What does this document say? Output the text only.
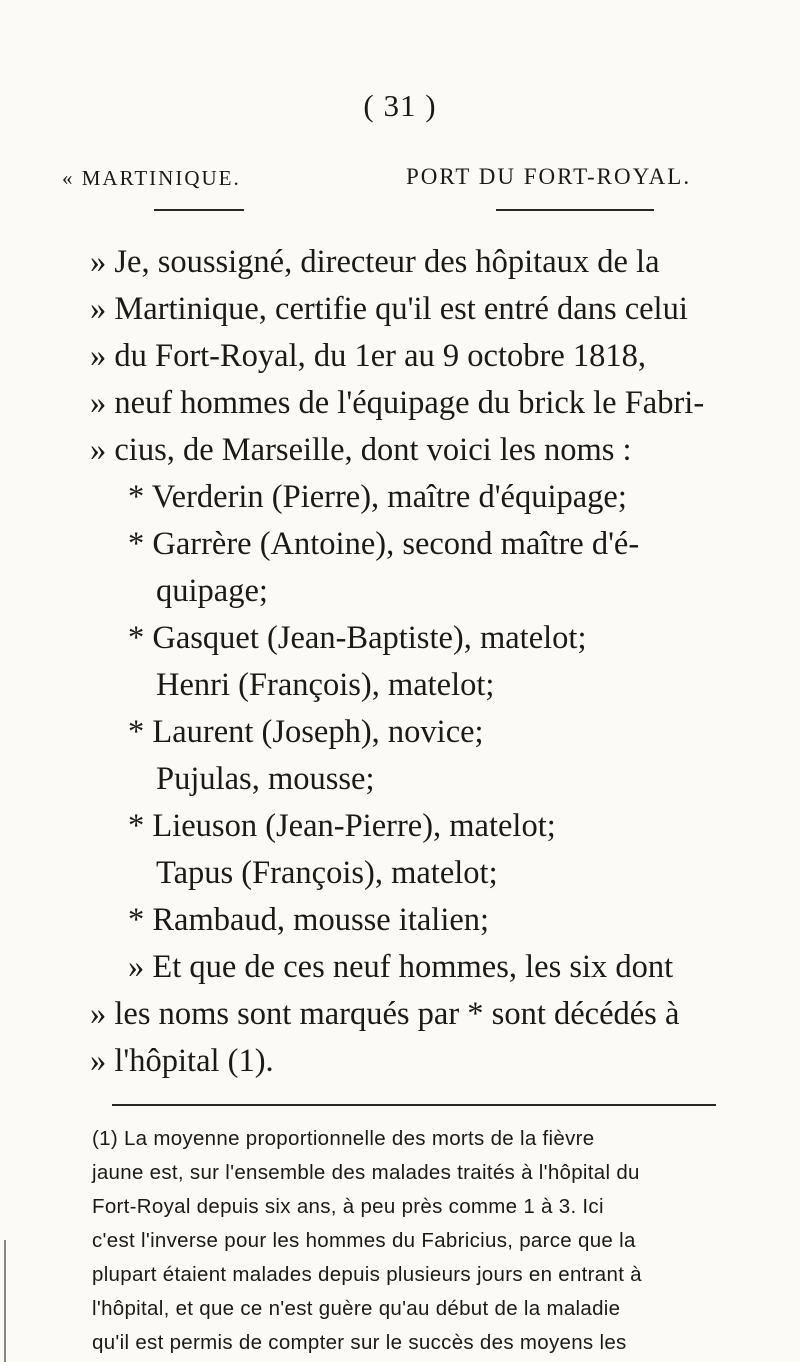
( 31 )
« MARTINIQUE.	PORT DU FORT-ROYAL.
» Je, soussigné, directeur des hôpitaux de la
» Martinique, certifie qu'il est entré dans celui
» du Fort-Royal, du 1er au 9 octobre 1818,
» neuf hommes de l'équipage du brick le Fabri-
» cius, de Marseille, dont voici les noms :
* Verderin (Pierre), maître d'équipage;
* Garrère (Antoine), second maître d'é-
quipage;
* Gasquet (Jean-Baptiste), matelot;
Henri (François), matelot;
* Laurent (Joseph), novice;
Pujulas, mousse;
* Lieuson (Jean-Pierre), matelot;
Tapus (François), matelot;
* Rambaud, mousse italien;
» Et que de ces neuf hommes, les six dont
» les noms sont marqués par * sont décédés à
» l'hôpital (1).
(1) La moyenne proportionnelle des morts de la fièvre
jaune est, sur l'ensemble des malades traités à l'hôpital du
Fort-Royal depuis six ans, à peu près comme 1 à 3. Ici
c'est l'inverse pour les hommes du Fabricius, parce que la
plupart étaient malades depuis plusieurs jours en entrant à
l'hôpital, et que ce n'est guère qu'au début de la maladie
qu'il est permis de compter sur le succès des moyens les
